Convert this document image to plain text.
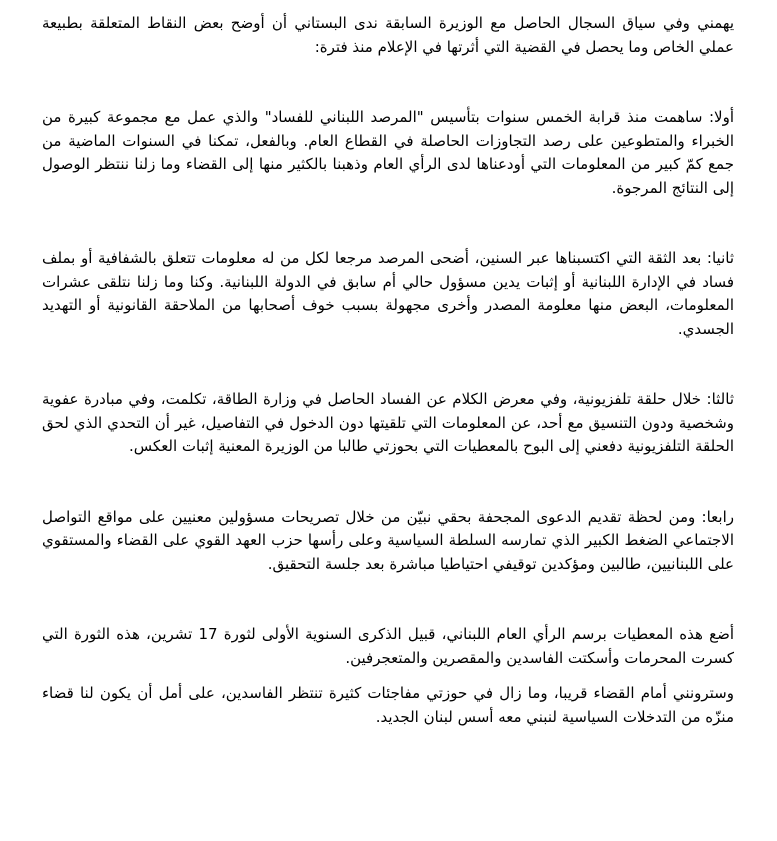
يهمني وفي سياق السجال الحاصل مع الوزيرة السابقة ندى البستاني أن أوضح بعض النقاط المتعلقة بطبيعة عملي الخاص وما يحصل في القضية التي أثرتها في الإعلام منذ فترة:

أولا: ساهمت منذ قرابة الخمس سنوات بتأسيس "المرصد اللبناني للفساد" والذي عمل مع مجموعة كبيرة من الخبراء والمتطوعين على رصد التجاوزات الحاصلة في القطاع العام. وبالفعل، تمكنا في السنوات الماضية من جمع كمّ كبير من المعلومات التي أودعناها لدى الرأي العام وذهبنا بالكثير منها إلى القضاء وما زلنا ننتظر الوصول إلى النتائج المرجوة.

ثانيا: بعد الثقة التي اكتسبناها عبر السنين، أضحى المرصد مرجعا لكل من له معلومات تتعلق بالشفافية أو بملف فساد في الإدارة اللبنانية أو إثبات يدين مسؤول حالي أم سابق في الدولة اللبنانية. وكنا وما زلنا نتلقى عشرات المعلومات، البعض منها معلومة المصدر وأخرى مجهولة بسبب خوف أصحابها من الملاحقة القانونية أو التهديد الجسدي.

ثالثا: خلال حلقة تلفزيونية، وفي معرض الكلام عن الفساد الحاصل في وزارة الطاقة، تكلمت، وفي مبادرة عفوية وشخصية ودون التنسيق مع أحد، عن المعلومات التي تلقيتها دون الدخول في التفاصيل، غير أن التحدي الذي لحق الحلقة التلفزيونية دفعني إلى البوح بالمعطيات التي بحوزتي طالبا من الوزيرة المعنية إثبات العكس.

رابعا: ومن لحظة تقديم الدعوى المجحفة بحقي نبيّن من خلال تصريحات مسؤولين معنيين على مواقع التواصل الاجتماعي الضغط الكبير الذي تمارسه السلطة السياسية وعلى رأسها حزب العهد القوي على القضاء والمستقوي على اللبنانيين، طالبين ومؤكدين توقيفي احتياطيا مباشرة بعد جلسة التحقيق.

أضع هذه المعطيات برسم الرأي العام اللبناني، قبيل الذكرى السنوية الأولى لثورة 17 تشرين، هذه الثورة التي كسرت المحرمات وأسكتت الفاسدين والمقصرين والمتعجرفين.

وسترونني أمام القضاء قريبا، وما زال في حوزتي مفاجئات كثيرة تنتظر الفاسدين، على أمل أن يكون لنا قضاء منزّه من التدخلات السياسية لنبني معه أسس لبنان الجديد.
